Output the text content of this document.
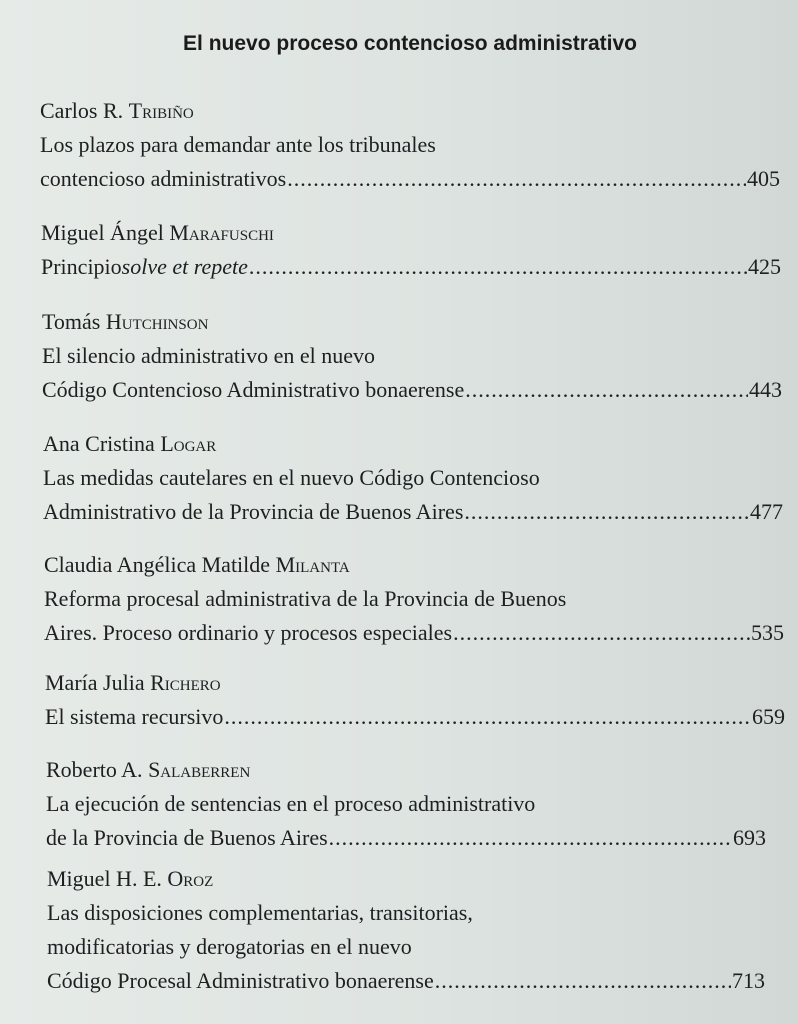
El nuevo proceso contencioso administrativo
Carlos R. Tribiño
Los plazos para demandar ante los tribunales
contencioso administrativos .....	405
Miguel Ángel Marafuschi
Principio solve et repete .....	425
Tomás Hutchinson
El silencio administrativo en el nuevo
Código Contencioso Administrativo bonaerense .....	443
Ana Cristina Logar
Las medidas cautelares en el nuevo Código Contencioso
Administrativo de la Provincia de Buenos Aires .....	477
Claudia Angélica Matilde Milanta
Reforma procesal administrativa de la Provincia de Buenos
Aires. Proceso ordinario y procesos especiales .....	535
María Julia Richero
El sistema recursivo .....	659
Roberto A. Salaberren
La ejecución de sentencias en el proceso administrativo
de la Provincia de Buenos Aires .....	693
Miguel H. E. Oroz
Las disposiciones complementarias, transitorias,
modificatorias y derogatorias en el nuevo
Código Procesal Administrativo bonaerense .....	713
